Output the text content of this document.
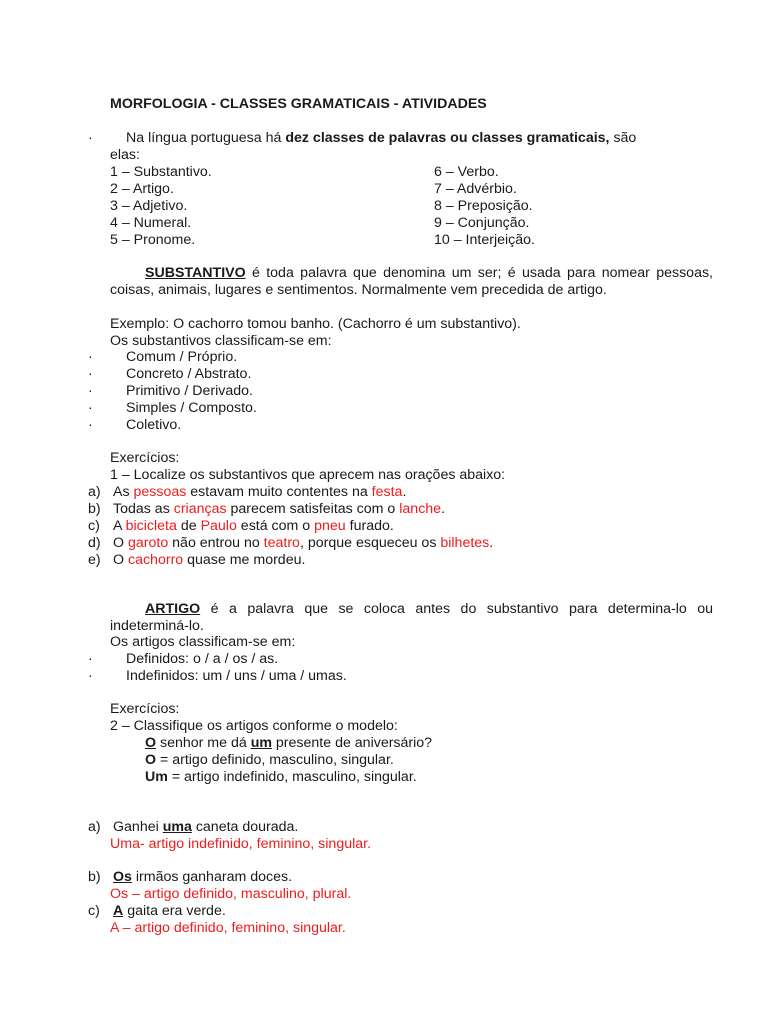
MORFOLOGIA - CLASSES GRAMATICAIS - ATIVIDADES
· Na língua portuguesa há dez classes de palavras ou classes gramaticais, são
elas:
1 – Substantivo.
2 – Artigo.
3 – Adjetivo.
4 – Numeral.
5 – Pronome.
6 – Verbo.
7 – Advérbio.
8 – Preposição.
9 – Conjunção.
10 – Interjeição.
SUBSTANTIVO é toda palavra que denomina um ser; é usada para nomear pessoas, coisas, animais, lugares e sentimentos. Normalmente vem precedida de artigo.
Exemplo: O cachorro tomou banho. (Cachorro é um substantivo).
Os substantivos classificam-se em:
· Comum / Próprio.
· Concreto / Abstrato.
· Primitivo / Derivado.
· Simples / Composto.
· Coletivo.
Exercícios:
1 – Localize os substantivos que aprecem nas orações abaixo:
a) As pessoas estavam muito contentes na festa.
b) Todas as crianças parecem satisfeitas com o lanche.
c) A bicicleta de Paulo está com o pneu furado.
d) O garoto não entrou no teatro, porque esqueceu os bilhetes.
e) O cachorro quase me mordeu.
ARTIGO é a palavra que se coloca antes do substantivo para determina-lo ou indeterminá-lo.
Os artigos classificam-se em:
· Definidos: o / a / os / as.
· Indefinidos: um / uns / uma / umas.
Exercícios:
2 – Classifique os artigos conforme o modelo:
O senhor me dá um presente de aniversário?
O = artigo definido, masculino, singular.
Um = artigo indefinido, masculino, singular.
a) Ganhei uma caneta dourada.
Uma- artigo indefinido, feminino, singular.
b) Os irmãos ganharam doces.
Os – artigo definido, masculino, plural.
c) A gaita era verde.
A – artigo definido, feminino, singular.
